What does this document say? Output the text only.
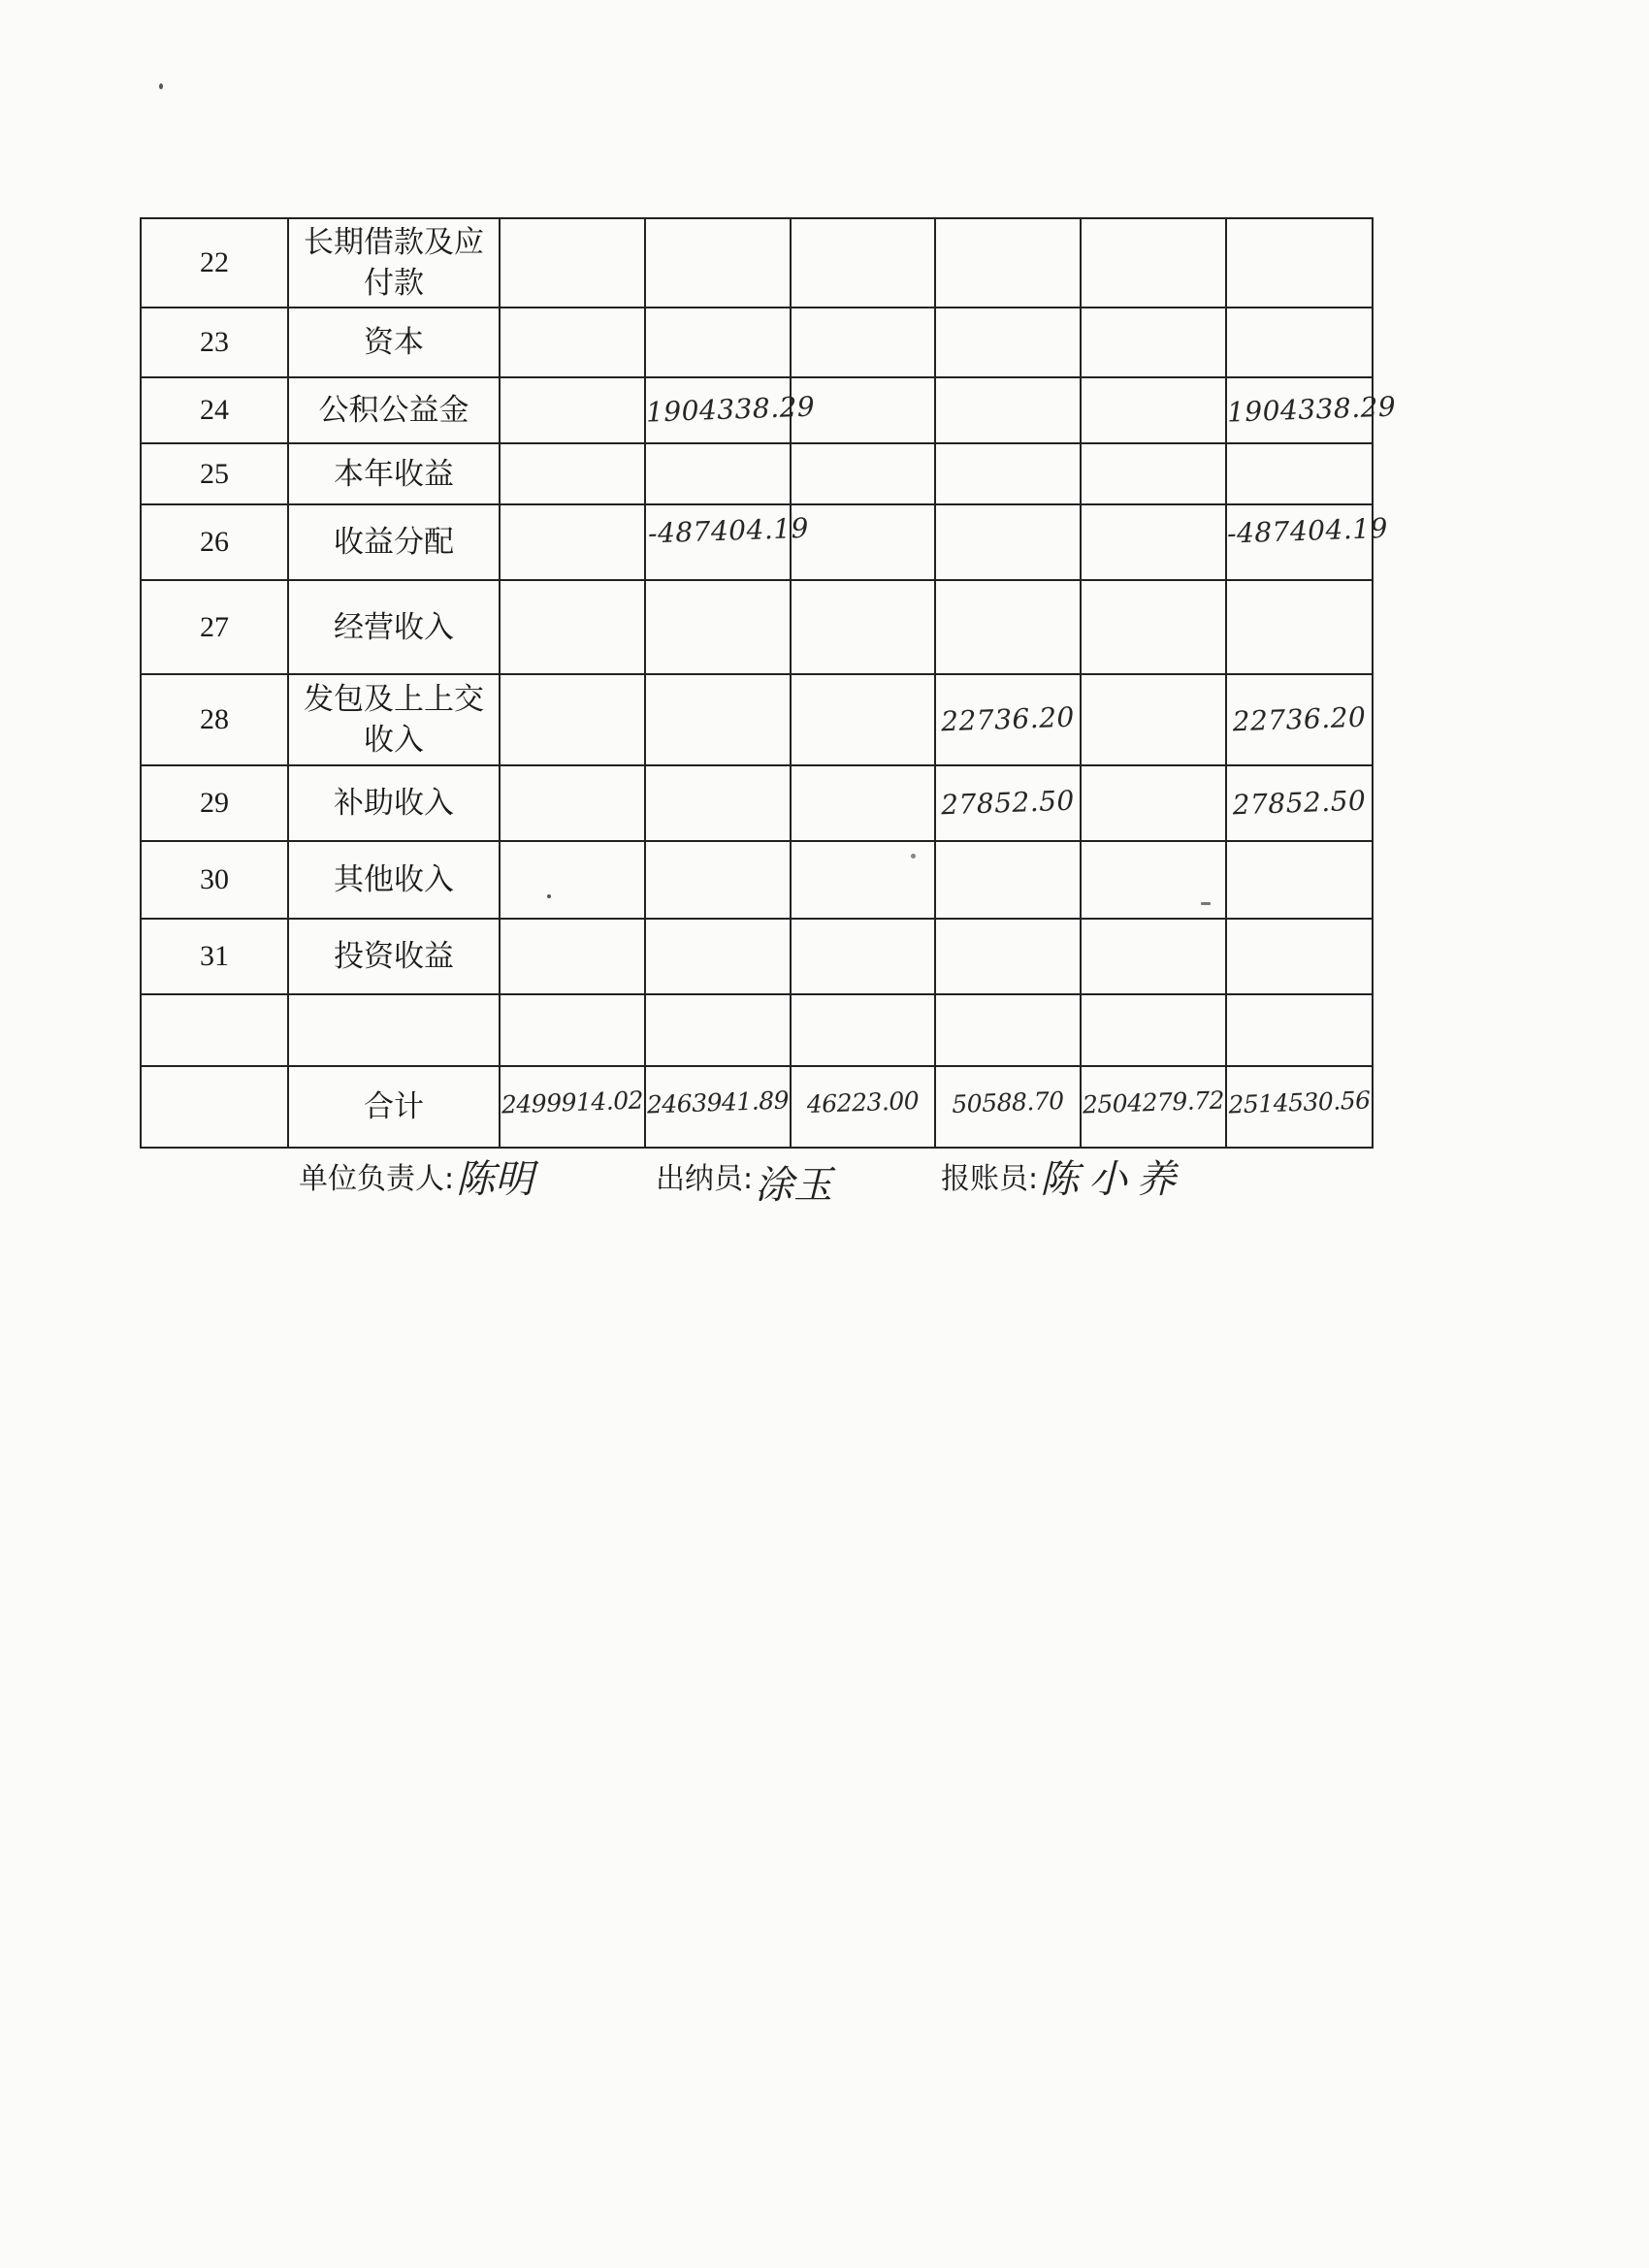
22	长期借款及应付款						
23	资本						
24	公积公益金		1904338.29				1904338.29

25	本年收益						
26	收益分配		-487404.19				-487404.19

27	经营收入						
28	发包及上上交收入				22736.20		22736.20

29	补助收入				27852.50		27852.50

30	其他收入						
31	投资收益						

	合计	2499914.02	2463941.89	46223.00	50588.70	2504279.72	2514530.56
单位负责人: 陈明	出纳员: 涂玉	报账员: 陈小养
